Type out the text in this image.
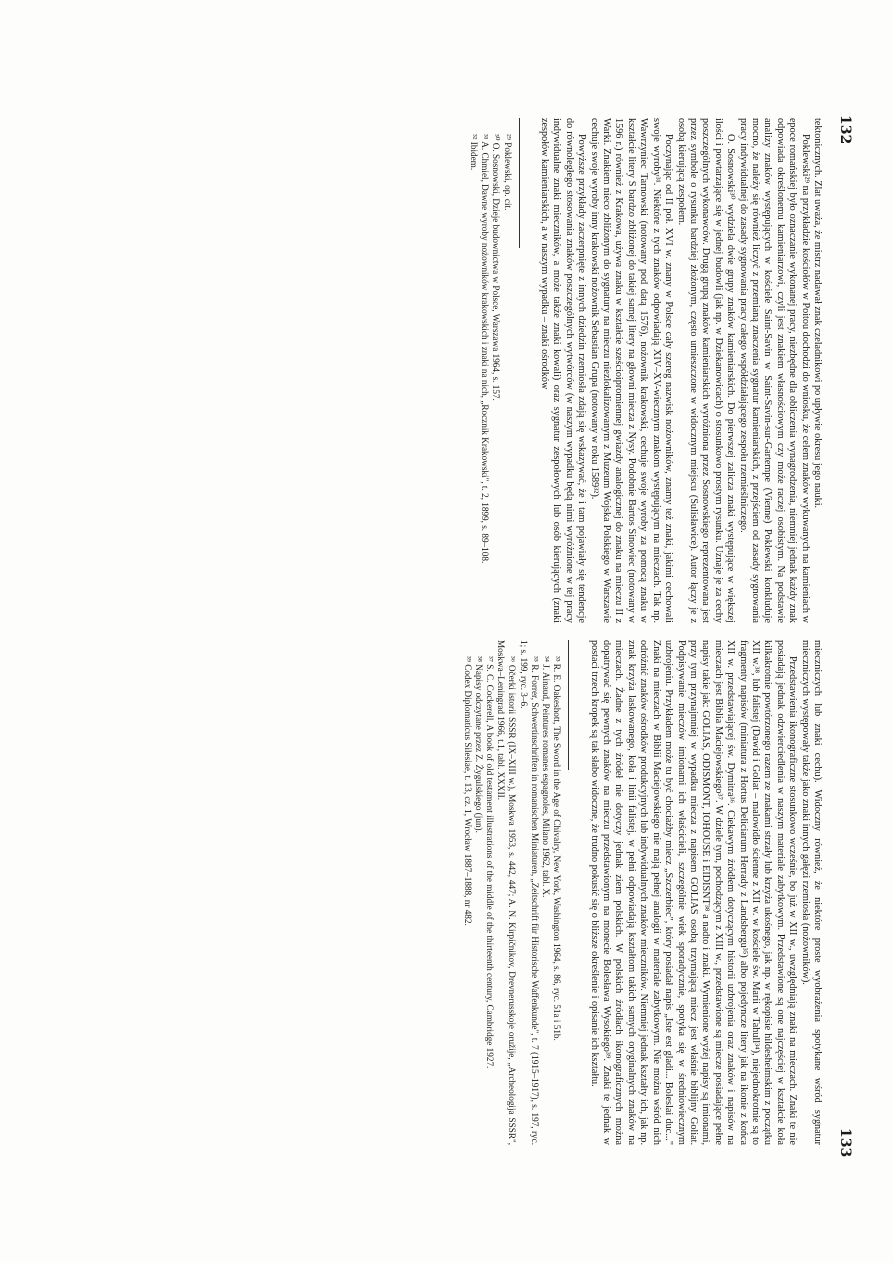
132
133

tektonicznych. Zlat uważa, że mistrz nadawał znak czeladnikowi po upływie okresu jego nauki.

Poklewski²⁹ na przykładzie kościołów w Poitou dochodzi do wniosku, że celem znaków wykuwanych na kamieniach w epoce romańskiej było oznaczanie wykonanej pracy, niezbędne dla obliczenia wynagrodzenia, niemniej jednak każdy znak odpowiada określonemu kamieniarzowi, czyli jest znakiem własnościowym czy może raczej osobistym. Na podstawie analizy znaków występujących w kościele Saint-Savin w Saint-Savin-sur-Gartempe (Vienne) Poklewski konkluduje mocno, że należy się również liczyć z przemianą znaczenia sygnatur kamieniarskich, z przejściem od zasady sygnowania pracy indywidualnej do zasady sygnowania pracy całego współdziałającego zespołu rzemieślniczego.

O. Sosnowski³⁰ wydziela dwie grupy znaków kamieniarskich. Do pierwszej zalicza znaki występujące w większej ilości i powtarzające się w jednej budowli (jak np. w Dziekanowicach) o stosunkowo prostym rysunku. Uznaje je za cechy poszczególnych wykonawców. Drugą grupą znaków kamieniarskich wyróżniona przez Sosnowskiego reprezentowana jest przez symbole o rysunku bardziej złożonym, często umieszczone w widocznym miejscu (Sulisławice). Autor łączy je z osobą kierującą zespołem.

Poczynając od II poł. XVI w. znany w Polsce cały szereg nazwisk nożowników, znamy też znaki, jakimi cechowali swoje wyroby³¹. Niektóre z tych znaków odpowiadają XIV–XV-wiecznym znakom występującym na mieczach. Tak np. Wawrzyniec Tarnowski (notowany pod datą 1576), nożownik krakowski, cechuje swoje wyroby za pomocą znaku w kształcie litery S bardzo zbliżonej do takiej samej litery na głowni miecza z Nysy. Podobnie Bartos Sinowiec (notowany w 1596 r.) również z Krakowa, używa znaku w kształcie sześcioipromiennej gwiazdy analogicznej do znaku na mieczu II z Warki. Znakiem nieco zbliżonym do sygnatury na mieczu niezlokalizowanym z Muzeum Wojska Polskiego w Warszawie cechuje swoje wyroby inny krakowski nożownik Sebastian Grupa (notowany w roku 1589³²).

Powyższe przykłady zaczerpnięte z innych dziedzin rzemiosła zdają się wskazywać, że i tam pojawiały się tendencje do równoległego stosowania znaków poszczególnych wytwórców (w naszym wypadku będą nimi wyróżnione w tej pracy indywidualne znaki mieczników, a może także znaki kowali) oraz sygnatur zespołowych lub osób kierujących (znaki zespołów kamieniarskich, a w naszym wypadku – znaki ośrodków

²⁹ Poklewski, op. cit.

³⁰ O. Sosnowski, Dzieje budownictwa w Polsce, Warszawa 1964, s. 157.

³¹ A. Chmiel, Dawne wyroby nożowników krakowskich i znaki na nich, „Rocznik Krakowski", t. 2, 1899, s. 89–108.

³² Ibidem.

mieczniczych lub znaki cechu). Widoczny również, że niektóre proste wyobrażenia spotykane wśród sygnatur mieczniczych występowały także jako znaki innych gałęzi rzemiosła (nożowników).

Przedstawienia ikonograficzne stosunkowo wcześnie, bo już w XII w., uwzględniają znaki na mieczach. Znaki te nie posiadają jednak odzwierciedlenia w naszym materiale zabytkowym. Przedstawione są one najczęściej w kształcie koła kilkakrotnie powtórzonego razem ze znakami strzały lub krzyża ukośnego, jak np. w rękopisie hildesheimskim z początku XII w.³⁸, lub falistej (Dawid i Goliat – malowidło ścienne z XII w. w kościele św. Marii w Tahull³⁴), niejednokrotnie są to fragmenty napisów (miniatura z Hortus Deliciarum Herrady z Landsbergu³⁵) albo pojedyncze litery jak na ikonie z końca XII w. przedstawiającej św. Dymitra³⁶. Ciekawym źródłem dotyczącym historii uzbrojenia oraz znaków i napisów na mieczach jest Biblia Maciejowskiego³⁷. W dziele tym, pochodzącym z XIII w., przedstawione są miecze posiadające pełne napisy takie jak: GOLIAS, ODISMONT, IOHOUSE i EIDISNT³⁸ a nadto i znaki. Wymienione wyżej napisy są imionami, przy tym przynajmniej w wypadku miecza z napisem GOLIAS osobą trzymającą miecz jest właśnie biblijny Goliat. Podpisywanie mieczów imionami ich właścicieli, szczególnie wiek sporadycznie, spotyka się w średniowiecznym uzbrojeniu. Przykładem może tu być chociażby miecz „Szczerbiec", który posiadał napis „Iste est gladi... Boleslai duc..." Znaki na mieczach w Biblii Maciejowskiego nie mają pełnej analogii w materiale zabytkowym. Nie można wśród nich odróżnić znaków ośrodków produkcyjnych lub indywidualnych znaków mieczników. Niemniej jednak kształty ich, jak np. znak krzyża laskowanego, koła i linii falistej, w pełni odpowiadają kształtom takich samych oryginalnych znaków na mieczach. Żadne z tych źródeł nie dotyczy jednak ziem polskich. W polskich źródłach ikonograficznych można dopatrywać się pewnych znaków na mieczu przedstawionym na monecie Bolesława Wysokiego³⁹. Znaki te jednak w postaci trzech kropek są tak słabo widoczne, że trudno pokusić się o bliższe określenie i opisanie ich kształtu.

³³ R. E. Oakeshott, The Sword in the Age of Chivalry, New York, Washington 1964, s. 86, ryc. 51a i 51b.

³⁴ J. Ainaud, Peintures romanes espagnoles, Milano 1962, tabl. X.

³⁵ R. Forrer, Schwertinschriften in romanischen Miniaturen, „Zeitschrift für Historische Waffenkunde", t. 7 (1915–1917), s. 197, ryc. 1; s. 199, ryc. 3–6.

³⁶ Očerki istorii SSSR (IX–XIII w.), Moskwa 1953, s. 442, 447; A. N. Kirpičnikov, Drevnerusskoje oružije, „Archeologija SSSR", Moskwa–Leningrad 1966, t.1, tabl. XXXII.

³⁷ S. C. Cockerell, A book of old testament illustrations of the middle of the thirteenth century, Cambridge 1927.

³⁸ Napisy odczytane przez Z. Żygulskiego (jun).

³⁹ Codex Diplomaticus Silesiae, t. 13, cz. 1, Wrocław 1887–1888, nr 482.
